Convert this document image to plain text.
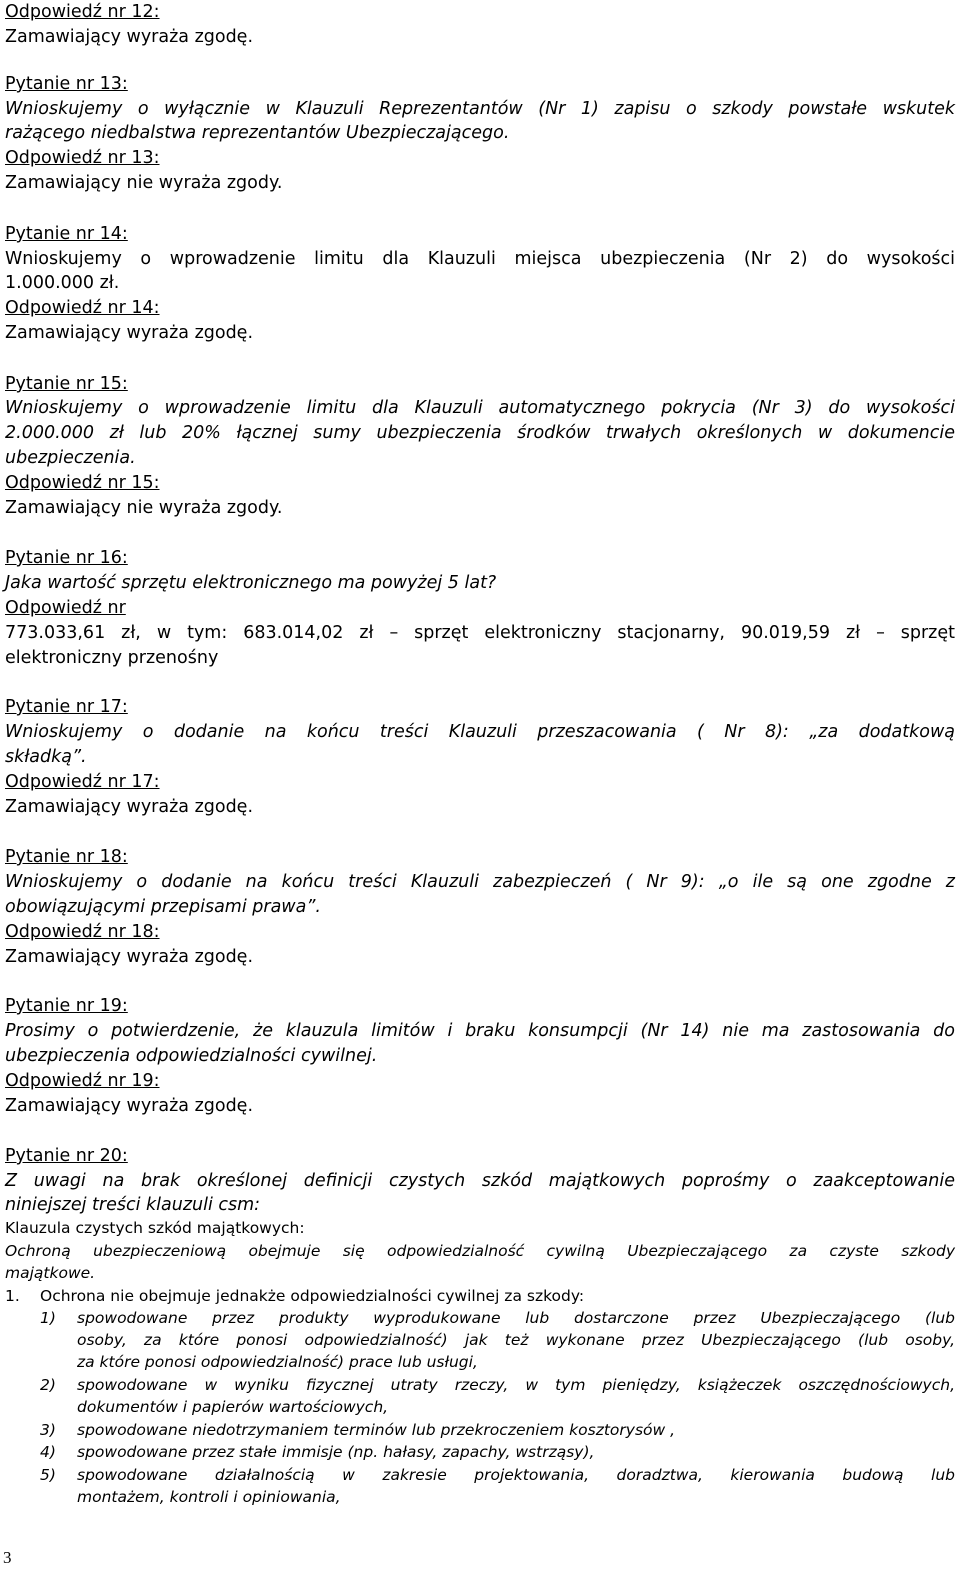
Odpowiedź nr 12:
Zamawiający wyraża zgodę.
Pytanie nr 13:
Wnioskujemy o wyłącznie w Klauzuli Reprezentantów (Nr 1) zapisu o szkody powstałe wskutek
rażącego niedbalstwa reprezentantów Ubezpieczającego.
Odpowiedź nr 13:
Zamawiający nie wyraża zgody.
Pytanie nr 14:
Wnioskujemy o wprowadzenie limitu dla Klauzuli miejsca ubezpieczenia (Nr 2) do wysokości
1.000.000 zł.
Odpowiedź nr 14:
Zamawiający wyraża zgodę.
Pytanie nr 15:
Wnioskujemy o wprowadzenie limitu dla Klauzuli automatycznego pokrycia (Nr 3) do wysokości
2.000.000 zł lub 20% łącznej sumy ubezpieczenia środków trwałych określonych w dokumencie
ubezpieczenia.
Odpowiedź nr 15:
Zamawiający nie wyraża zgody.
Pytanie nr 16:
Jaka wartość sprzętu elektronicznego ma powyżej 5 lat?
Odpowiedź nr
773.033,61 zł, w tym: 683.014,02 zł – sprzęt elektroniczny stacjonarny, 90.019,59 zł – sprzęt
elektroniczny przenośny
Pytanie nr 17:
Wnioskujemy o dodanie na końcu treści Klauzuli przeszacowania ( Nr 8): „za dodatkową
składką”.
Odpowiedź nr 17:
Zamawiający wyraża zgodę.
Pytanie nr 18:
Wnioskujemy o dodanie na końcu treści Klauzuli zabezpieczeń ( Nr 9): „o ile są one zgodne z
obowiązującymi przepisami prawa”.
Odpowiedź nr 18:
Zamawiający wyraża zgodę.
Pytanie nr 19:
Prosimy o potwierdzenie, że klauzula limitów i braku konsumpcji (Nr 14) nie ma zastosowania do
ubezpieczenia odpowiedzialności cywilnej.
Odpowiedź nr 19:
Zamawiający wyraża zgodę.
Pytanie nr 20:
Z uwagi na brak określonej definicji czystych szkód majątkowych poprośmy o zaakceptowanie
niniejszej treści klauzuli csm:
Klauzula czystych szkód majątkowych:
Ochroną ubezpieczeniową obejmuje się odpowiedzialność cywilną Ubezpieczającego za czyste szkody
majątkowe.
1. Ochrona nie obejmuje jednakże odpowiedzialności cywilnej za szkody:
1)	spowodowane przez produkty wyprodukowane lub dostarczone przez Ubezpieczającego (lub
osoby, za które ponosi odpowiedzialność) jak też wykonane przez Ubezpieczającego (lub osoby,
za które ponosi odpowiedzialność) prace lub usługi,
2)	spowodowane w wyniku fizycznej utraty rzeczy, w tym pieniędzy, książeczek oszczędnościowych,
dokumentów i papierów wartościowych,
3)	spowodowane niedotrzymaniem terminów lub przekroczeniem kosztorysów ,
4)	spowodowane przez stałe immisje (np. hałasy, zapachy, wstrząsy),
5)	spowodowane działalnością w zakresie projektowania, doradztwa, kierowania budową lub
montażem, kontroli i opiniowania,
3
